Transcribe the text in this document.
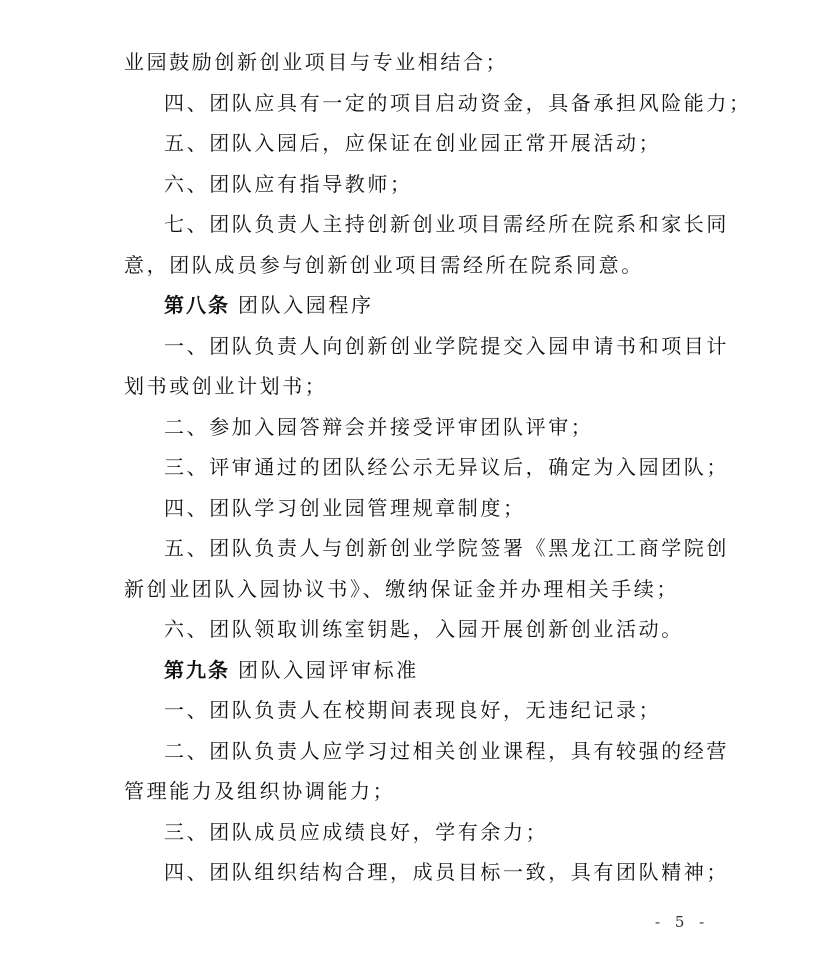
业园鼓励创新创业项目与专业相结合；
四、团队应具有一定的项目启动资金，具备承担风险能力；
五、团队入园后，应保证在创业园正常开展活动；
六、团队应有指导教师；
七、团队负责人主持创新创业项目需经所在院系和家长同
意，团队成员参与创新创业项目需经所在院系同意。
第八条 团队入园程序
一、团队负责人向创新创业学院提交入园申请书和项目计
划书或创业计划书；
二、参加入园答辩会并接受评审团队评审；
三、评审通过的团队经公示无异议后，确定为入园团队；
四、团队学习创业园管理规章制度；
五、团队负责人与创新创业学院签署《黑龙江工商学院创
新创业团队入园协议书》、缴纳保证金并办理相关手续；
六、团队领取训练室钥匙，入园开展创新创业活动。
第九条 团队入园评审标准
一、团队负责人在校期间表现良好，无违纪记录；
二、团队负责人应学习过相关创业课程，具有较强的经营
管理能力及组织协调能力；
三、团队成员应成绩良好，学有余力；
四、团队组织结构合理，成员目标一致，具有团队精神；
- 5 -
